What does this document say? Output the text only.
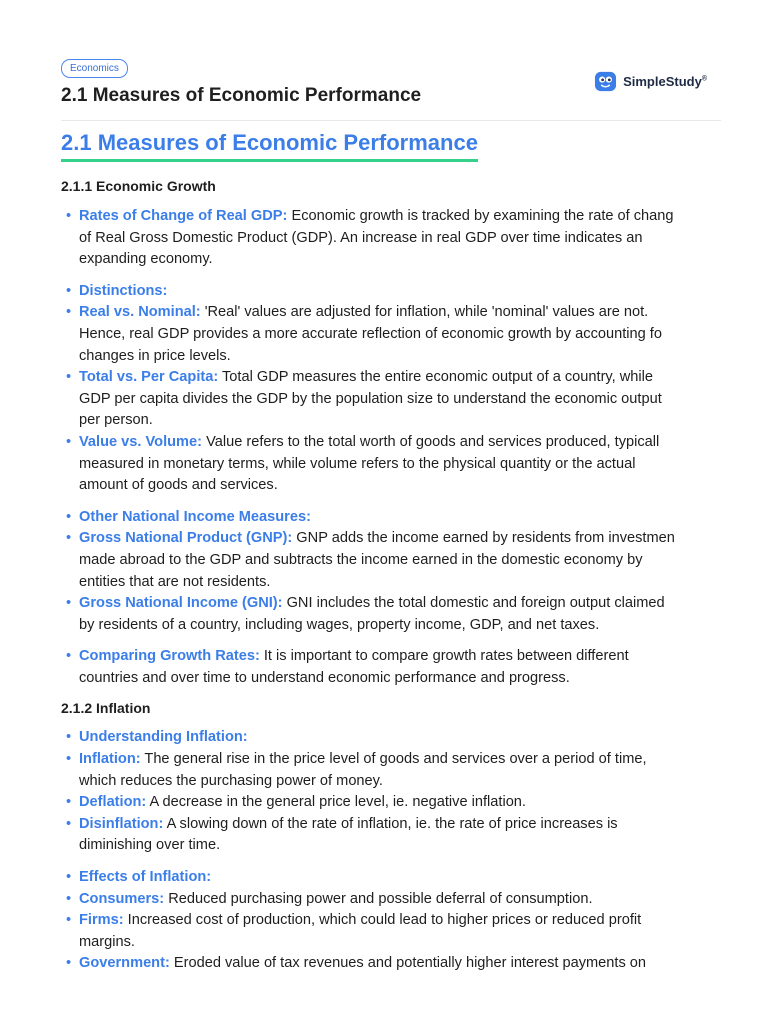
Economics
2.1 Measures of Economic Performance
SimpleStudy®
2.1 Measures of Economic Performance
2.1.1 Economic Growth
• Rates of Change of Real GDP: Economic growth is tracked by examining the rate of chang
of Real Gross Domestic Product (GDP). An increase in real GDP over time indicates an
expanding economy.
• Distinctions:
• Real vs. Nominal: 'Real' values are adjusted for inflation, while 'nominal' values are not.
Hence, real GDP provides a more accurate reflection of economic growth by accounting fo
changes in price levels.
• Total vs. Per Capita: Total GDP measures the entire economic output of a country, while
GDP per capita divides the GDP by the population size to understand the economic output
per person.
• Value vs. Volume: Value refers to the total worth of goods and services produced, typicall
measured in monetary terms, while volume refers to the physical quantity or the actual
amount of goods and services.
• Other National Income Measures:
• Gross National Product (GNP): GNP adds the income earned by residents from investmen
made abroad to the GDP and subtracts the income earned in the domestic economy by
entities that are not residents.
• Gross National Income (GNI): GNI includes the total domestic and foreign output claimed
by residents of a country, including wages, property income, GDP, and net taxes.
• Comparing Growth Rates: It is important to compare growth rates between different
countries and over time to understand economic performance and progress.
2.1.2 Inflation
• Understanding Inflation:
• Inflation: The general rise in the price level of goods and services over a period of time,
which reduces the purchasing power of money.
• Deflation: A decrease in the general price level, ie. negative inflation.
• Disinflation: A slowing down of the rate of inflation, ie. the rate of price increases is
diminishing over time.
• Effects of Inflation:
• Consumers: Reduced purchasing power and possible deferral of consumption.
• Firms: Increased cost of production, which could lead to higher prices or reduced profit
margins.
• Government: Eroded value of tax revenues and potentially higher interest payments on
